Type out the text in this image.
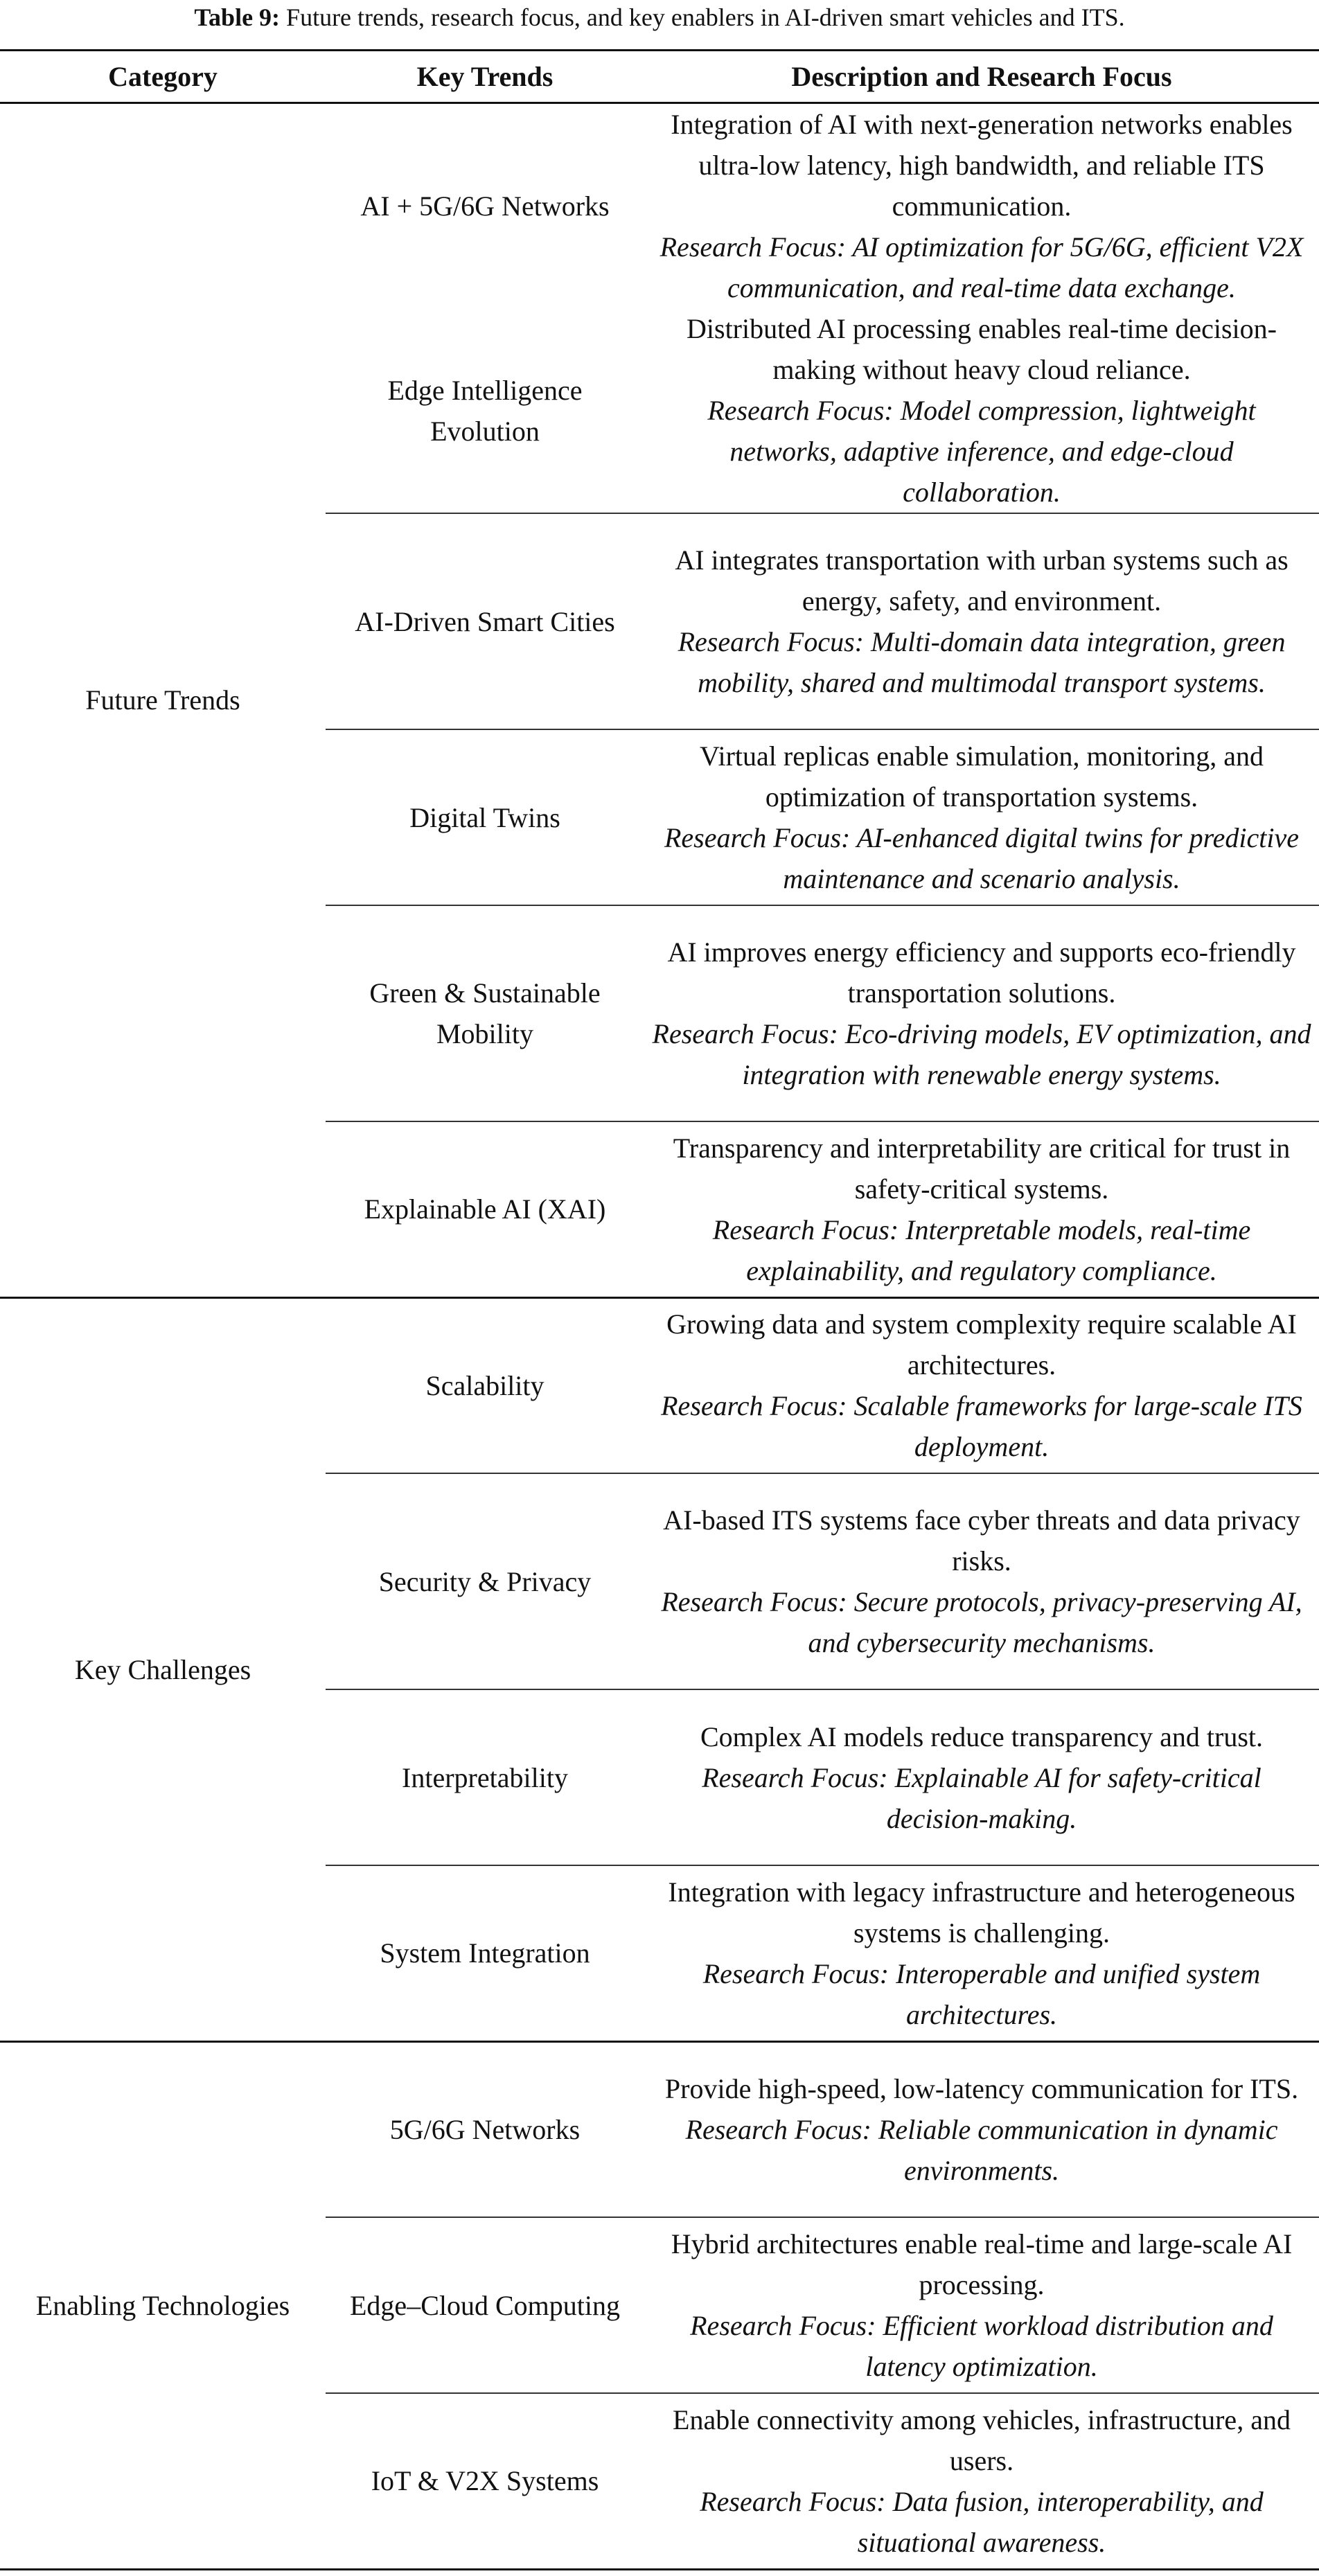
Table 9: Future trends, research focus, and key enablers in AI-driven smart vehicles and ITS.
Category	Key Trends	Description and Research Focus
Future Trends	AI + 5G/6G Networks	Integration of AI with next-generation networks enables ultra-low latency, high bandwidth, and reliable ITS communication.
Research Focus: AI optimization for 5G/6G, efficient V2X communication, and real-time data exchange.

	Edge Intelligence Evolution	Distributed AI processing enables real-time decision-making without heavy cloud reliance.
Research Focus: Model compression, lightweight networks, adaptive inference, and edge-cloud collaboration.

	AI-Driven Smart Cities	AI integrates transportation with urban systems such as energy, safety, and environment.
Research Focus: Multi-domain data integration, green mobility, shared and multimodal transport systems.

	Digital Twins	Virtual replicas enable simulation, monitoring, and optimization of transportation systems.
Research Focus: AI-enhanced digital twins for predictive maintenance and scenario analysis.

	Green & Sustainable Mobility	AI improves energy efficiency and supports eco-friendly transportation solutions.
Research Focus: Eco-driving models, EV optimization, and integration with renewable energy systems.

	Explainable AI (XAI)	Transparency and interpretability are critical for trust in safety-critical systems.
Research Focus: Interpretable models, real-time explainability, and regulatory compliance.

Key Challenges	Scalability	Growing data and system complexity require scalable AI architectures.
Research Focus: Scalable frameworks for large-scale ITS deployment.

	Security & Privacy	AI-based ITS systems face cyber threats and data privacy risks.
Research Focus: Secure protocols, privacy-preserving AI, and cybersecurity mechanisms.

	Interpretability	Complex AI models reduce transparency and trust.
Research Focus: Explainable AI for safety-critical decision-making.

	System Integration	Integration with legacy infrastructure and heterogeneous systems is challenging.
Research Focus: Interoperable and unified system architectures.

Enabling Technologies	5G/6G Networks	Provide high-speed, low-latency communication for ITS.
Research Focus: Reliable communication in dynamic environments.

	Edge–Cloud Computing	Hybrid architectures enable real-time and large-scale AI processing.
Research Focus: Efficient workload distribution and latency optimization.

	IoT & V2X Systems	Enable connectivity among vehicles, infrastructure, and users.
Research Focus: Data fusion, interoperability, and situational awareness.
